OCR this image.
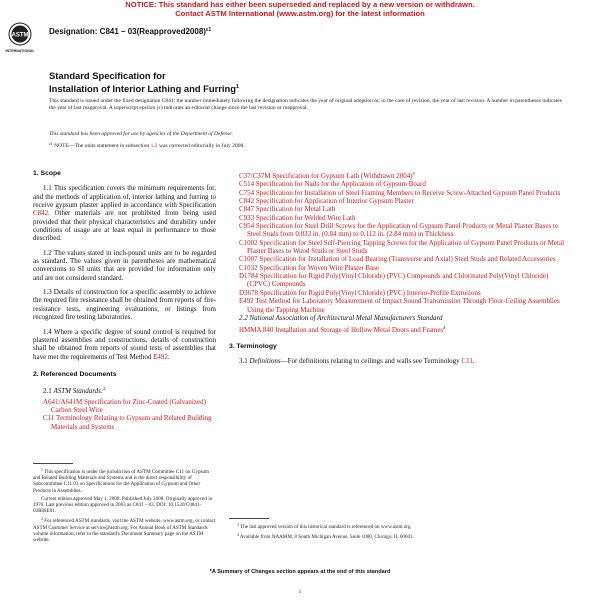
NOTICE: This standard has either been superseded and replaced by a new version or withdrawn.
Contact ASTM International (www.astm.org) for the latest information
ASTM
INTERNATIONAL
Designation: C841 – 03(Reapproved2008)$^{\varepsilon 1}$
Standard Specification for
Installation of Interior Lathing and Furring$^1$
This standard is issued under the fixed designation C841; the number immediately following the designation indicates the year of original adoption or, in the case of revision, the year of last revision. A number in parentheses indicates the year of last reapproval. A superscript epsilon (ε) indicates an editorial change since the last revision or reapproval.
This standard has been approved for use by agencies of the Department of Defense.
$^{\varepsilon 1}$ NOTE—The units statement in subsection 1.2 was corrected editorially in July 2008.
1. Scope
1.1 This specification covers the minimum requirements for, and the methods of application of, interior lathing and furring to receive gypsum plaster applied in accordance with Specification C842. Other materials are not prohibited from being used provided that their physical characteristics and durability under conditions of usage are at least equal in performance to those described.
1.2 The values stated in inch-pound units are to be regarded as standard. The values given in parentheses are mathematical conversions to SI units that are provided for information only and are not considered standard.
1.3 Details of construction for a specific assembly to achieve the required fire resistance shall be obtained from reports of fire-resistance tests, engineering evaluations, or listings from recognized fire testing laboratories.
1.4 Where a specific degree of sound control is required for plastered assemblies and constructions, details of construction shall be obtained from reports of sound tests of assemblies that have met the requirements of Test Method E492.
2. Referenced Documents
2.1 ASTM Standards:$^2$
A641/A641M Specification for Zinc-Coated (Galvanized) Carbon Steel Wire
C11 Terminology Relating to Gypsum and Related Building Materials and Systems
C37/C37M Specification for Gypsum Lath (Withdrawn 2004)$^3$
C514 Specification for Nails for the Application of Gypsum Board
C754 Specification for Installation of Steel Framing Members to Receive Screw-Attached Gypsum Panel Products
C842 Specification for Application of Interior Gypsum Plaster
C847 Specification for Metal Lath
C933 Specification for Welded Wire Lath
C954 Specification for Steel Drill Screws for the Application of Gypsum Panel Products or Metal Plaster Bases to Steel Studs from 0.033 in. (0.84 mm) to 0.112 in. (2.84 mm) in Thickness
C1002 Specification for Steel Self-Piercing Tapping Screws for the Application of Gypsum Panel Products or Metal Plaster Bases to Wood Studs or Steel Studs
C1007 Specification for Installation of Load Bearing (Transverse and Axial) Steel Studs and Related Accessories
C1032 Specification for Woven Wire Plaster Base
D1784 Specification for Rigid Poly(Vinyl Chloride) (PVC) Compounds and Chlorinated Poly(Vinyl Chloride) (CPVC) Compounds
D3678 Specification for Rigid Poly(Vinyl Chloride) (PVC) Interior-Profile Extrusions
E492 Test Method for Laboratory Measurement of Impact Sound Transmission Through Floor-Ceiling Assemblies Using the Tapping Machine
2.2 National Association of Architectural Metal Manufacturers Standard
HMMA 840 Installation and Storage of Hollow Metal Doors and Frames$^4$
3. Terminology
3.1 Definitions—For definitions relating to ceilings and walls see Terminology C11.
$^1$ This specification is under the jurisdiction of ASTM Committee C11 on Gypsum and Related Building Materials and Systems and is the direct responsibility of Subcommittee C11.03 on Specifications for the Application of Gypsum and Other Products in Assemblies.
Current edition approved May 1, 2008. Published July 2008. Originally approved in 1976. Last previous edition approved in 2003 as C841 – 03. DOI: 10.1520/C0841-03R08E01.
$^2$ For referenced ASTM standards, visit the ASTM website, www.astm.org, or contact ASTM Customer Service at service@astm.org. For Annual Book of ASTM Standards volume information, refer to the standard's Document Summary page on the ASTM website.
$^3$ The last approved version of this historical standard is referenced on www.astm.org.
$^4$ Available from NAAMM, 8 South Michigan Avenue, Suite 1000, Chicago, IL 60603.
*A Summary of Changes section appears at the end of this standard
1
